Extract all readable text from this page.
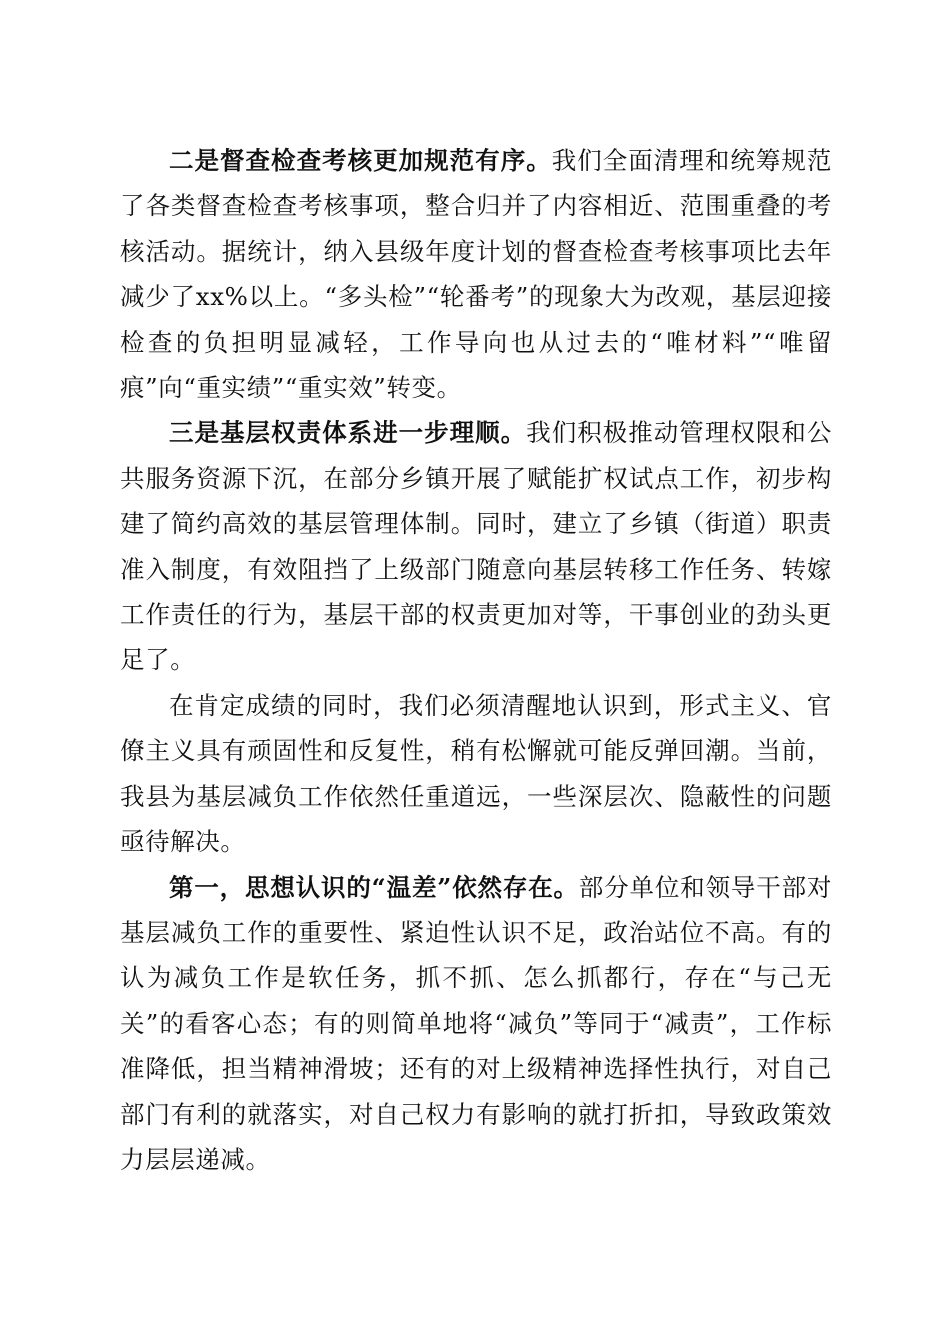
二是督查检查考核更加规范有序。我们全面清理和统筹规范了各类督查检查考核事项，整合归并了内容相近、范围重叠的考核活动。据统计，纳入县级年度计划的督查检查考核事项比去年减少了xx%以上。“多头检”“轮番考”的现象大为改观，基层迎接检查的负担明显减轻，工作导向也从过去的“唯材料”“唯留痕”向“重实绩”“重实效”转变。

三是基层权责体系进一步理顺。我们积极推动管理权限和公共服务资源下沉，在部分乡镇开展了赋能扩权试点工作，初步构建了简约高效的基层管理体制。同时，建立了乡镇（街道）职责准入制度，有效阻挡了上级部门随意向基层转移工作任务、转嫁工作责任的行为，基层干部的权责更加对等，干事创业的劲头更足了。

在肯定成绩的同时，我们必须清醒地认识到，形式主义、官僚主义具有顽固性和反复性，稍有松懈就可能反弹回潮。当前，我县为基层减负工作依然任重道远，一些深层次、隐蔽性的问题亟待解决。

第一，思想认识的“温差”依然存在。部分单位和领导干部对基层减负工作的重要性、紧迫性认识不足，政治站位不高。有的认为减负工作是软任务，抓不抓、怎么抓都行，存在“与己无关”的看客心态；有的则简单地将“减负”等同于“减责”，工作标准降低，担当精神滑坡；还有的对上级精神选择性执行，对自己部门有利的就落实，对自己权力有影响的就打折扣，导致政策效力层层递减。
